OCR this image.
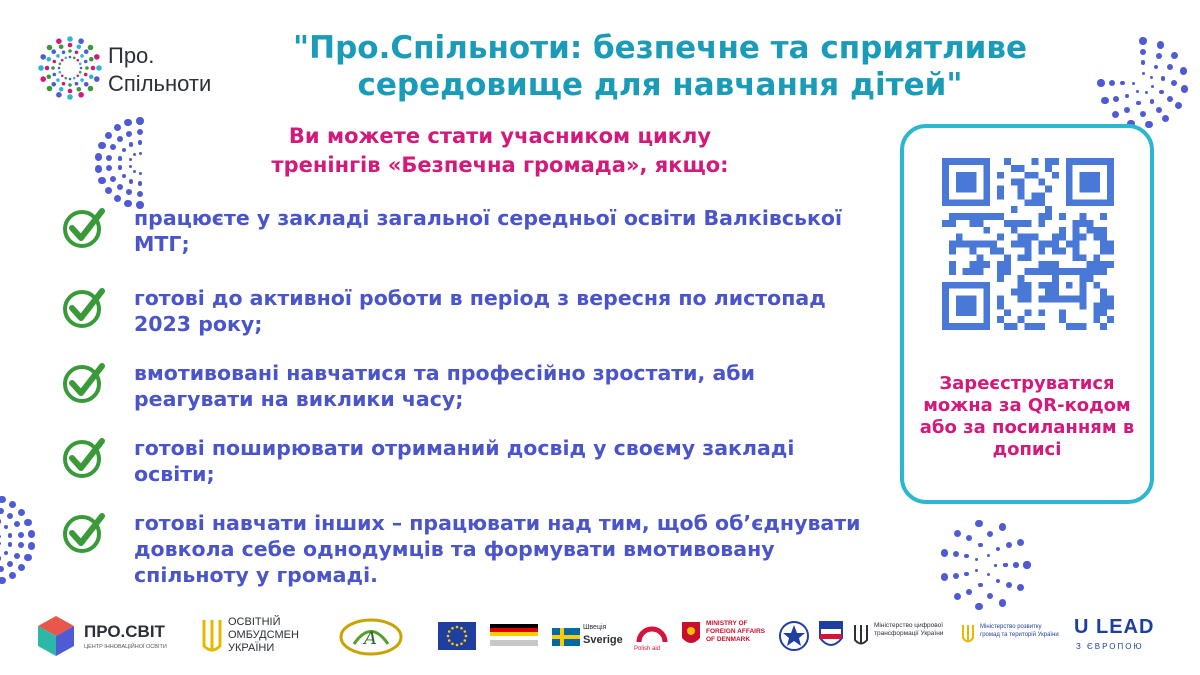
Про.
Спільноти
"Про.Спільноти: безпечне та сприятливе середовище для навчання дітей"
Ви можете стати учасником циклу
тренінгів «Безпечна громада», якщо:
працюєте у закладі загальної середньої освіти Валківської МТГ;
готові до активної роботи в період з вересня по листопад 2023 року;
вмотивовані навчатися та професійно зростати, аби реагувати на виклики часу;
готові поширювати отриманий досвід у своєму закладі освіти;
готові навчати інших – працювати над тим, щоб об’єднувати довкола себе однодумців та формувати вмотивовану спільноту у громаді.
Зареєструватися можна за QR-кодом або за посиланням в дописі
ПРО.СВІТ
ЦЕНТР ІННОВАЦІЙНОЇ ОСВІТИ
ОСВІТНІЙ ОМБУДСМЕН УКРАЇНИ	A
Швеція
Sverige
Polish aid
MINISTRY OF FOREIGN AFFAIRS OF DENMARK
Міністерство цифрової трансформації України
Міністерство розвитку громад та територій України U LEAD
З ЄВРОПОЮ
